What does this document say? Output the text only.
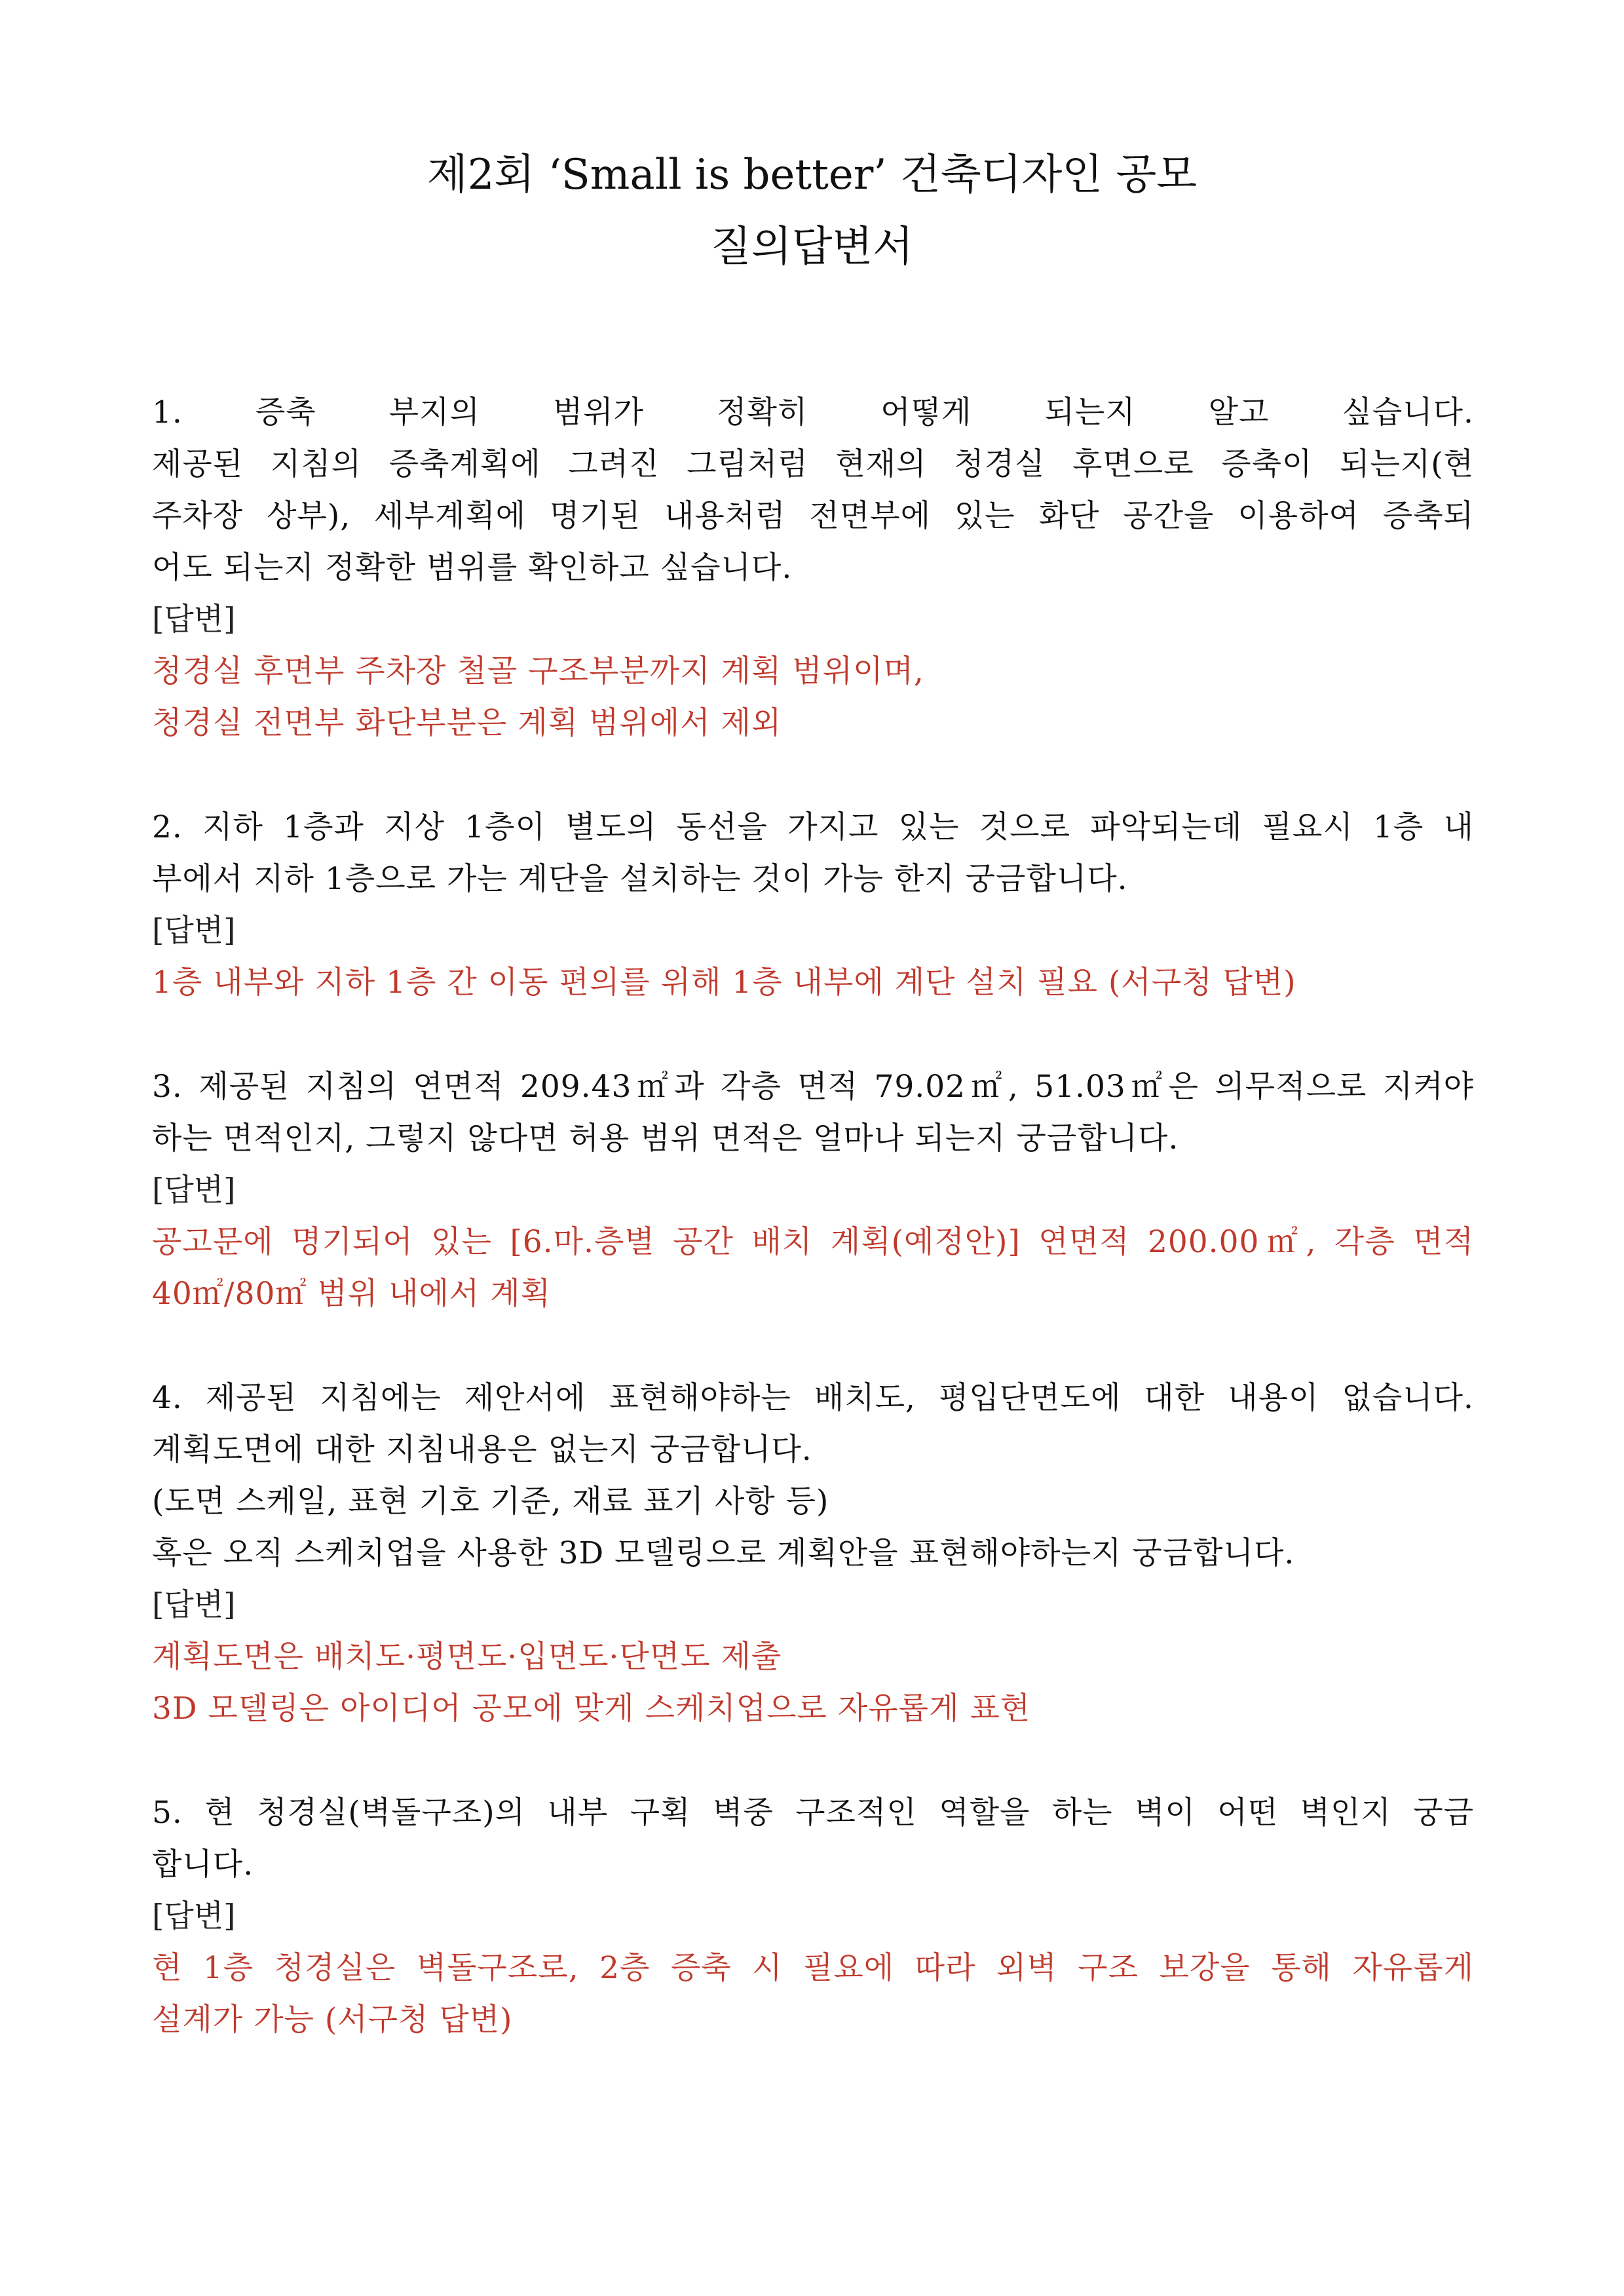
제2회 ‘Small is better’ 건축디자인 공모
질의답변서
1. 증축 부지의 범위가 정확히 어떻게 되는지 알고 싶습니다.
제공된 지침의 증축계획에 그려진 그림처럼 현재의 청경실 후면으로 증축이 되는지(현
주차장 상부), 세부계획에 명기된 내용처럼 전면부에 있는 화단 공간을 이용하여 증축되
어도 되는지 정확한 범위를 확인하고 싶습니다.
[답변]
청경실 후면부 주차장 철골 구조부분까지 계획 범위이며,
청경실 전면부 화단부분은 계획 범위에서 제외
2. 지하 1층과 지상 1층이 별도의 동선을 가지고 있는 것으로 파악되는데 필요시 1층 내
부에서 지하 1층으로 가는 계단을 설치하는 것이 가능 한지 궁금합니다.
[답변]
1층 내부와 지하 1층 간 이동 편의를 위해 1층 내부에 계단 설치 필요 (서구청 답변)
3. 제공된 지침의 연면적 209.43㎡과 각층 면적 79.02㎡, 51.03㎡은 의무적으로 지켜야
하는 면적인지, 그렇지 않다면 허용 범위 면적은 얼마나 되는지 궁금합니다.
[답변]
공고문에 명기되어 있는 [6.마.층별 공간 배치 계획(예정안)] 연면적 200.00㎡, 각층 면적
40㎡/80㎡ 범위 내에서 계획
4. 제공된 지침에는 제안서에 표현해야하는 배치도, 평입단면도에 대한 내용이 없습니다.
계획도면에 대한 지침내용은 없는지 궁금합니다.
(도면 스케일, 표현 기호 기준, 재료 표기 사항 등)
혹은 오직 스케치업을 사용한 3D 모델링으로 계획안을 표현해야하는지 궁금합니다.
[답변]
계획도면은 배치도·평면도·입면도·단면도 제출
3D 모델링은 아이디어 공모에 맞게 스케치업으로 자유롭게 표현
5. 현 청경실(벽돌구조)의 내부 구획 벽중 구조적인 역할을 하는 벽이 어떤 벽인지 궁금
합니다.
[답변]
현 1층 청경실은 벽돌구조로, 2층 증축 시 필요에 따라 외벽 구조 보강을 통해 자유롭게
설계가 가능 (서구청 답변)
